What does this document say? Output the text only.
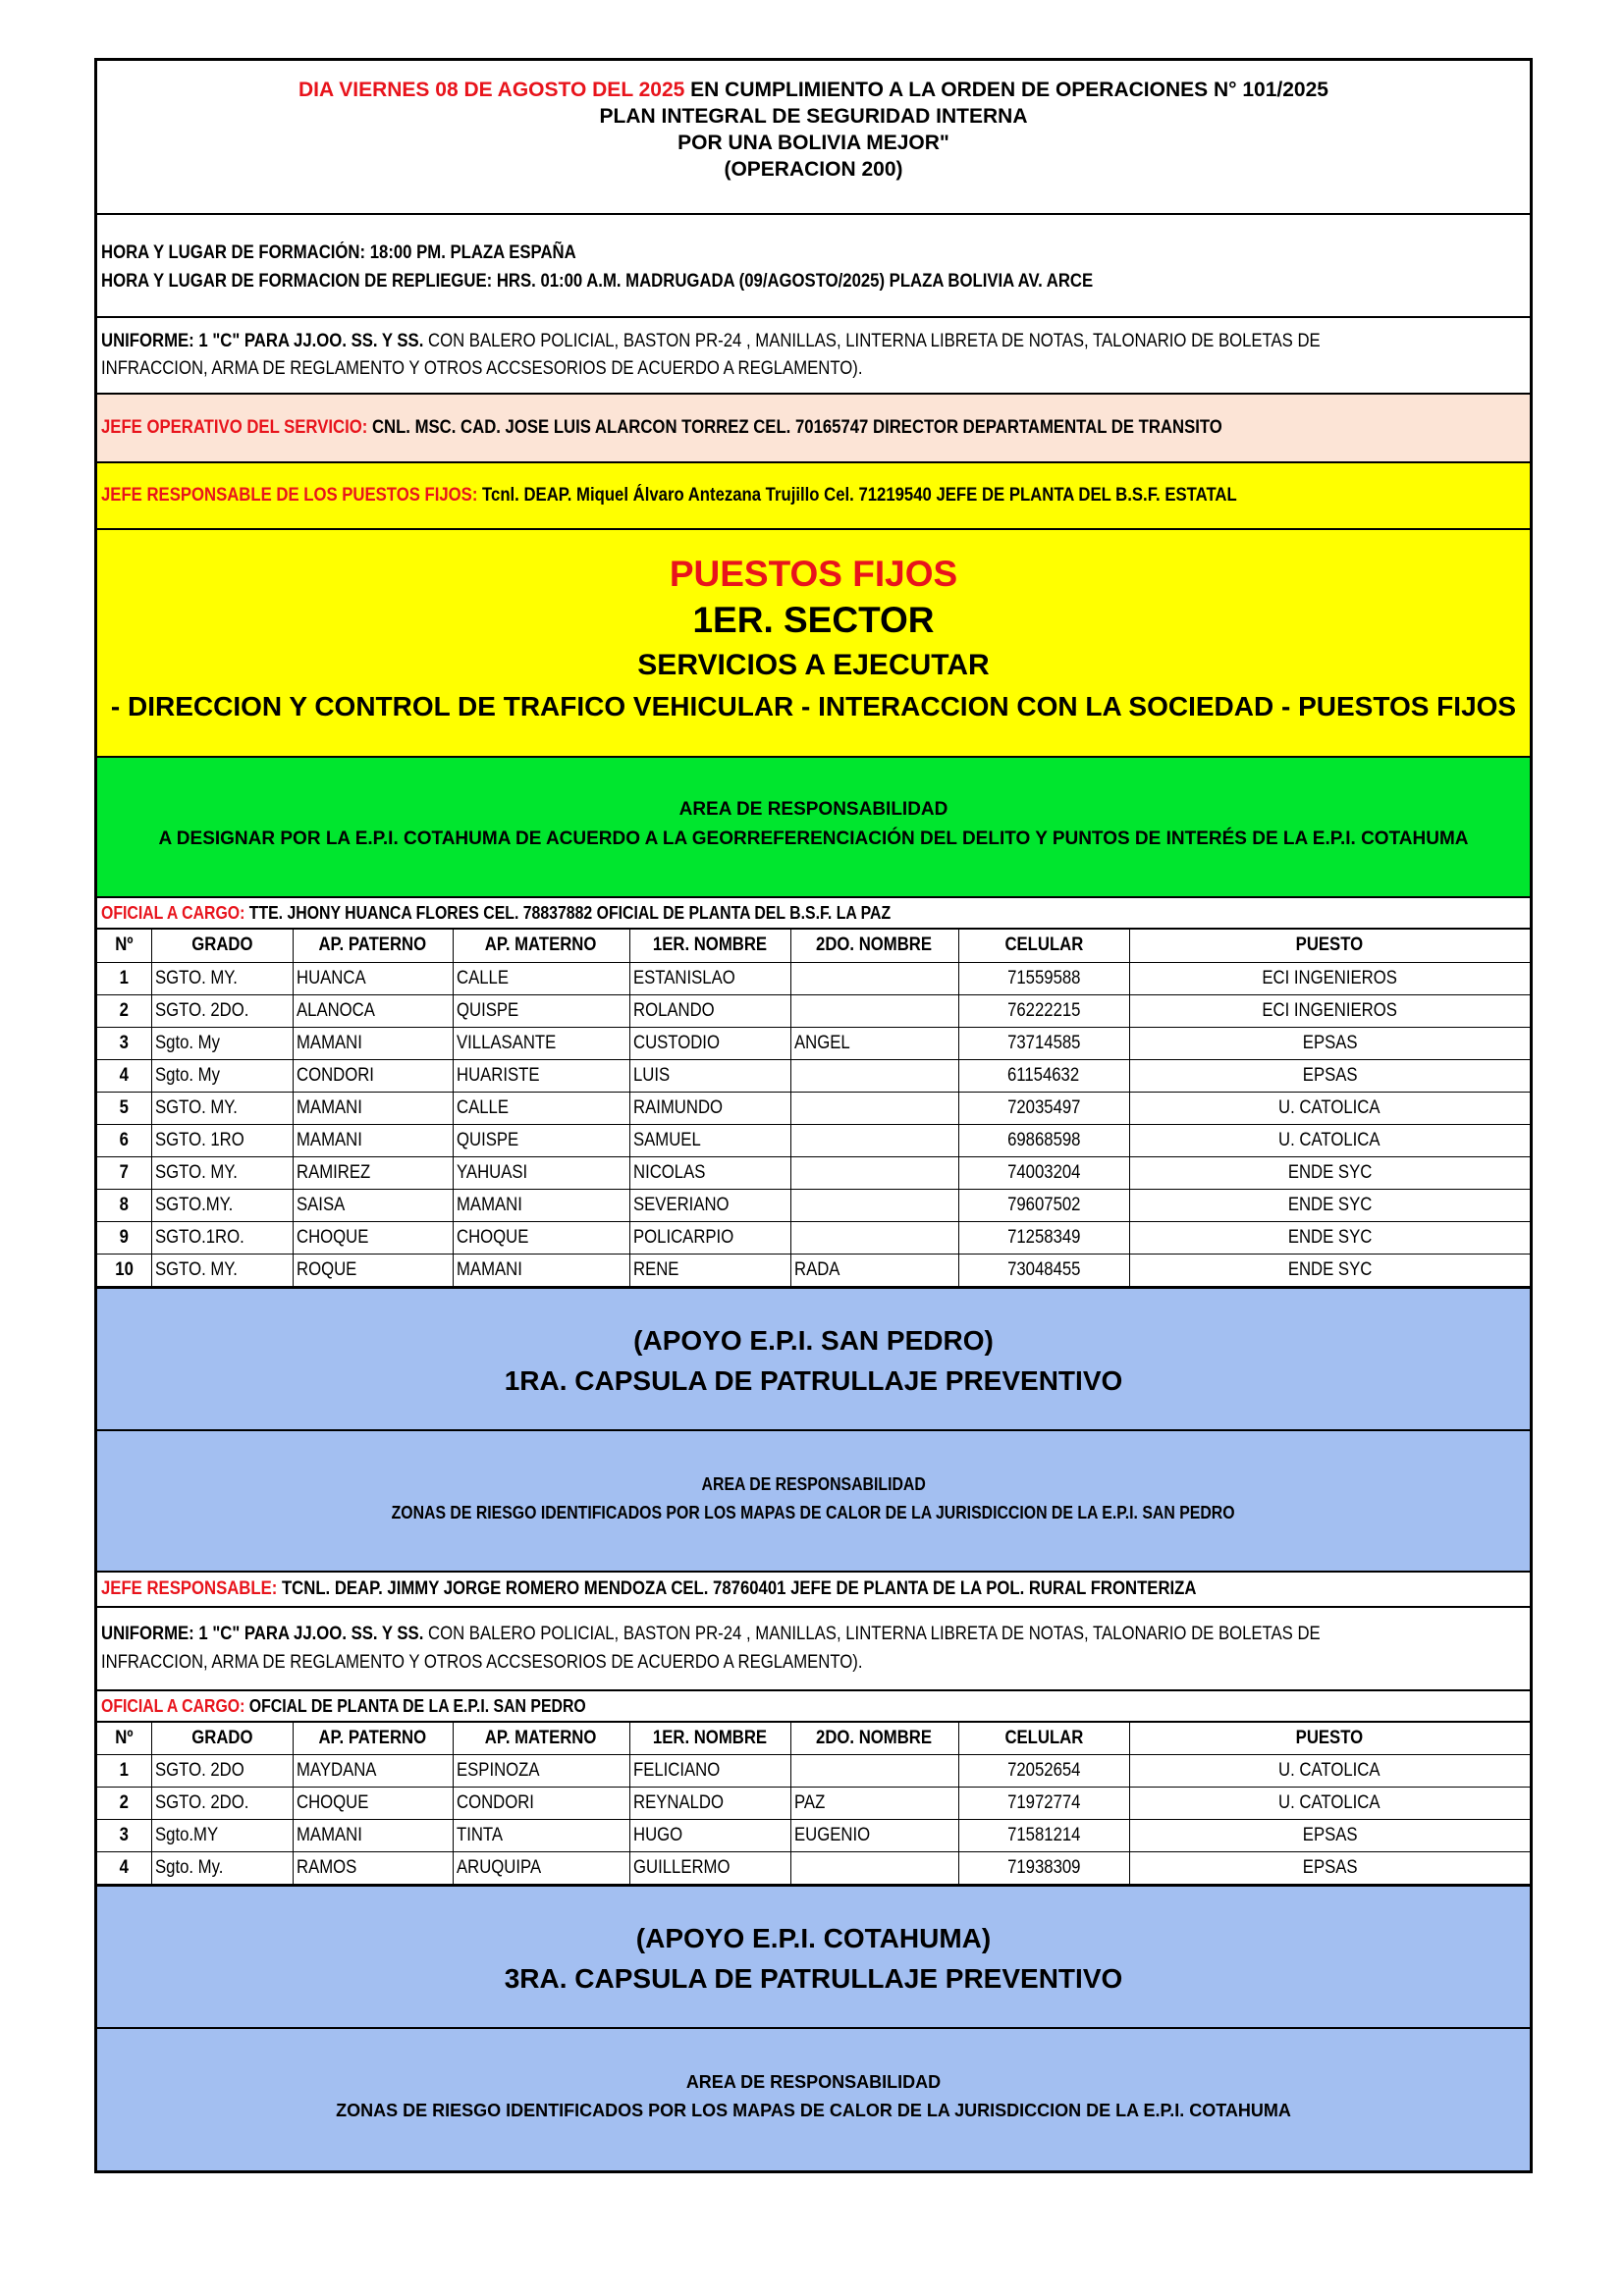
DIA VIERNES 08 DE AGOSTO DEL 2025 EN CUMPLIMIENTO A LA ORDEN DE OPERACIONES N° 101/2025
PLAN INTEGRAL DE SEGURIDAD INTERNA
POR UNA BOLIVIA MEJOR"
(OPERACION 200)
HORA Y LUGAR DE FORMACIÓN: 18:00 PM. PLAZA ESPAÑA
HORA Y LUGAR DE FORMACION DE REPLIEGUE: HRS. 01:00 A.M. MADRUGADA (09/AGOSTO/2025) PLAZA BOLIVIA AV. ARCE
UNIFORME: 1 "C" PARA JJ.OO. SS. Y SS. CON BALERO POLICIAL, BASTON PR-24 , MANILLAS, LINTERNA LIBRETA DE NOTAS, TALONARIO DE BOLETAS DE
INFRACCION, ARMA DE REGLAMENTO Y OTROS ACCSESORIOS DE ACUERDO A REGLAMENTO).
JEFE OPERATIVO DEL SERVICIO: CNL. MSC. CAD. JOSE LUIS ALARCON TORREZ CEL. 70165747 DIRECTOR DEPARTAMENTAL DE TRANSITO
JEFE RESPONSABLE DE LOS PUESTOS FIJOS: Tcnl. DEAP. Miquel Álvaro Antezana Trujillo Cel. 71219540 JEFE DE PLANTA DEL B.S.F. ESTATAL
PUESTOS FIJOS
1ER. SECTOR
SERVICIOS A EJECUTAR
- DIRECCION Y CONTROL DE TRAFICO VEHICULAR - INTERACCION CON LA SOCIEDAD - PUESTOS FIJOS
AREA DE RESPONSABILIDAD
A DESIGNAR POR LA E.P.I. COTAHUMA DE ACUERDO A LA GEORREFERENCIACIÓN DEL DELITO Y PUNTOS DE INTERÉS DE LA E.P.I. COTAHUMA
OFICIAL A CARGO: TTE. JHONY HUANCA FLORES CEL. 78837882 OFICIAL DE PLANTA DEL B.S.F. LA PAZ
Nº	GRADO	AP. PATERNO	AP. MATERNO	1ER. NOMBRE	2DO. NOMBRE	CELULAR	PUESTO
1	SGTO. MY.	HUANCA	CALLE	ESTANISLAO		71559588	ECI INGENIEROS
2	SGTO. 2DO.	ALANOCA	QUISPE	ROLANDO		76222215	ECI INGENIEROS
3	Sgto. My	MAMANI	VILLASANTE	CUSTODIO	ANGEL	73714585	EPSAS
4	Sgto. My	CONDORI	HUARISTE	LUIS		61154632	EPSAS
5	SGTO. MY.	MAMANI	CALLE	RAIMUNDO		72035497	U. CATOLICA
6	SGTO. 1RO	MAMANI	QUISPE	SAMUEL		69868598	U. CATOLICA
7	SGTO. MY.	RAMIREZ	YAHUASI	NICOLAS		74003204	ENDE SYC
8	SGTO.MY.	SAISA	MAMANI	SEVERIANO		79607502	ENDE SYC
9	SGTO.1RO.	CHOQUE	CHOQUE	POLICARPIO		71258349	ENDE SYC
10	SGTO. MY.	ROQUE	MAMANI	RENE	RADA	73048455	ENDE SYC
(APOYO E.P.I. SAN PEDRO)
1RA. CAPSULA DE PATRULLAJE PREVENTIVO
AREA DE RESPONSABILIDAD
ZONAS DE RIESGO IDENTIFICADOS POR LOS MAPAS DE CALOR DE LA JURISDICCION DE LA E.P.I. SAN PEDRO
JEFE RESPONSABLE: TCNL. DEAP. JIMMY JORGE ROMERO MENDOZA CEL. 78760401 JEFE DE PLANTA DE LA POL. RURAL FRONTERIZA
UNIFORME: 1 "C" PARA JJ.OO. SS. Y SS. CON BALERO POLICIAL, BASTON PR-24 , MANILLAS, LINTERNA LIBRETA DE NOTAS, TALONARIO DE BOLETAS DE
INFRACCION, ARMA DE REGLAMENTO Y OTROS ACCSESORIOS DE ACUERDO A REGLAMENTO).
OFICIAL A CARGO: OFCIAL DE PLANTA DE LA E.P.I. SAN PEDRO
Nº	GRADO	AP. PATERNO	AP. MATERNO	1ER. NOMBRE	2DO. NOMBRE	CELULAR	PUESTO
1	SGTO. 2DO	MAYDANA	ESPINOZA	FELICIANO		72052654	U. CATOLICA
2	SGTO. 2DO.	CHOQUE	CONDORI	REYNALDO	PAZ	71972774	U. CATOLICA
3	Sgto.MY	MAMANI	TINTA	HUGO	EUGENIO	71581214	EPSAS
4	Sgto. My.	RAMOS	ARUQUIPA	GUILLERMO		71938309	EPSAS
(APOYO E.P.I. COTAHUMA)
3RA. CAPSULA DE PATRULLAJE PREVENTIVO
AREA DE RESPONSABILIDAD
ZONAS DE RIESGO IDENTIFICADOS POR LOS MAPAS DE CALOR DE LA JURISDICCION DE LA E.P.I. COTAHUMA
